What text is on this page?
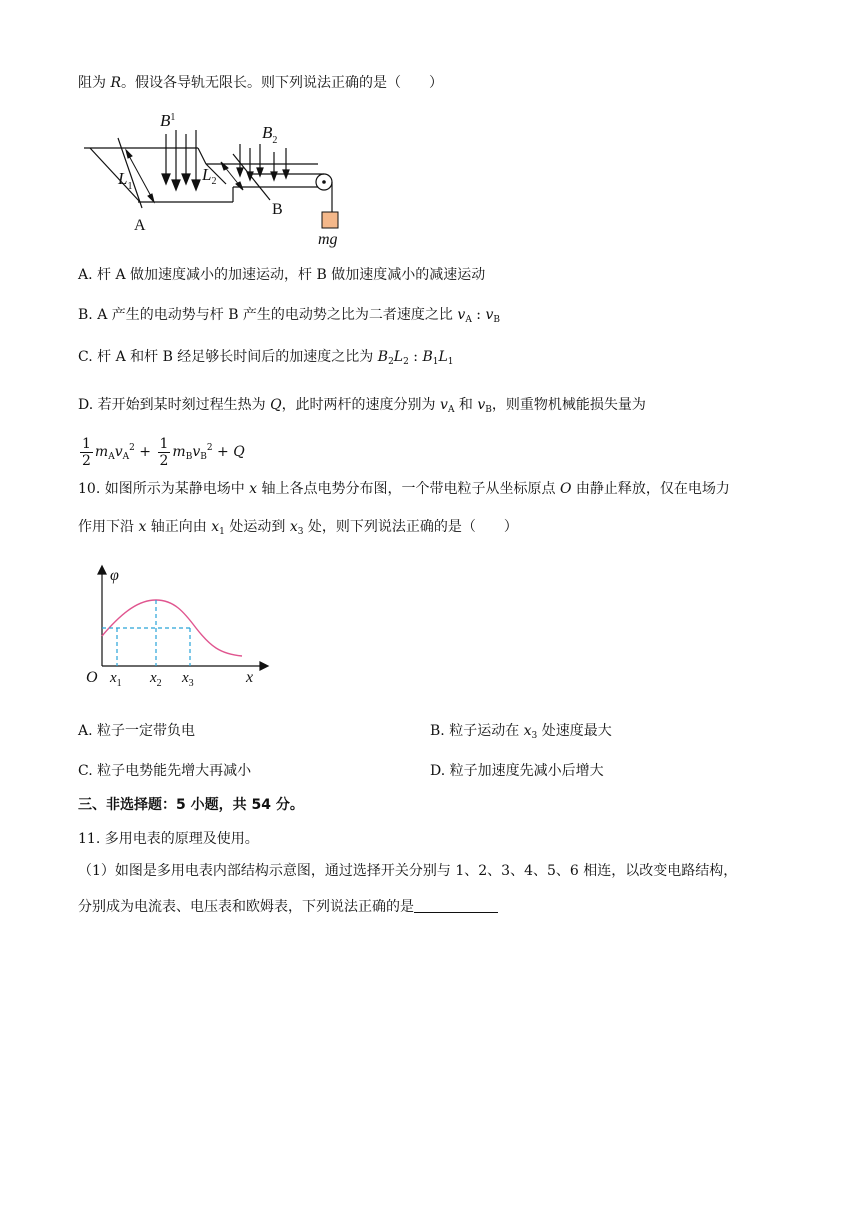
阻为 R。假设各导轨无限长。则下列说法正确的是（　　）
$B^1$
$B_2$
$L_1$
$L_2$
A
B
mg
A. 杆 A 做加速度减小的加速运动，杆 B 做加速度减小的减速运动
B. A 产生的电动势与杆 B 产生的电动势之比为二者速度之比 $v_A$ : $v_B$
C. 杆 A 和杆 B 经足够长时间后的加速度之比为 $B_2L_2$ : $B_1L_1$
D. 若开始到某时刻过程生热为 Q，此时两杆的速度分别为 $v_A$ 和 $v_B$，则重物机械能损失量为
$\frac{1}{2} m_Av_A^2 + \frac{1}{2} m_Bv_B^2 + Q$
10. 如图所示为某静电场中 x 轴上各点电势分布图，一个带电粒子从坐标原点 O 由静止释放，仅在电场力
作用下沿 x 轴正向由 $x_1$ 处运动到 $x_3$ 处，则下列说法正确的是（　　）
φ
O $x_1$ $x_2$ $x_3$	x
A. 粒子一定带负电	B. 粒子运动在 $x_3$ 处速度最大
C. 粒子电势能先增大再减小	D. 粒子加速度先减小后增大
三、非选择题：5 小题，共 54 分。
11. 多用电表的原理及使用。
（1）如图是多用电表内部结构示意图，通过选择开关分别与 1、2、3、4、5、6 相连，以改变电路结构，
分别成为电流表、电压表和欧姆表，下列说法正确的是
